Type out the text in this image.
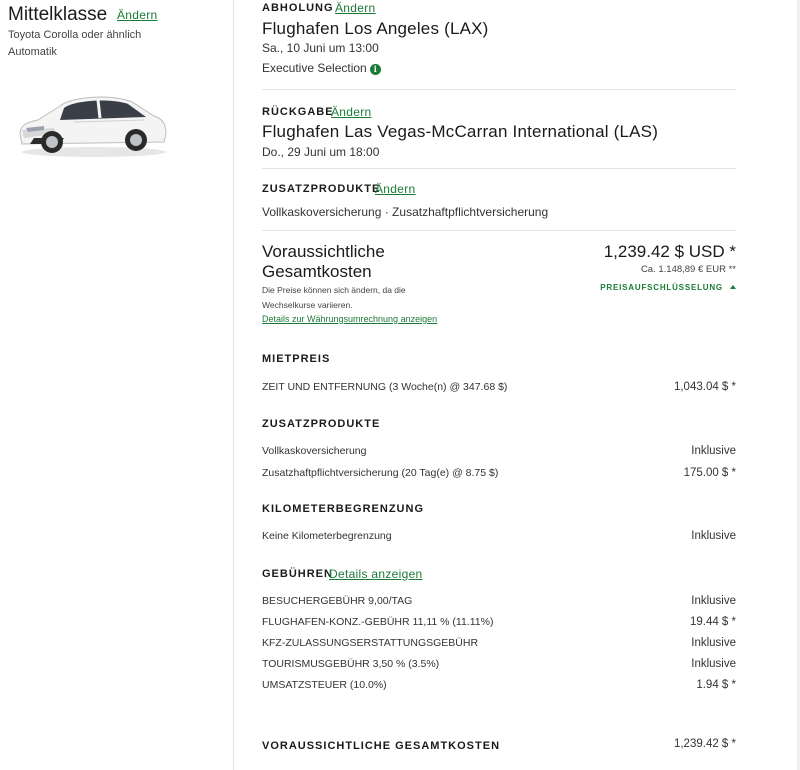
Mittelklasse Ändern
Toyota Corolla oder ähnlich
Automatik
ABHOLUNG Ändern
Flughafen Los Angeles (LAX)
Sa., 10 Juni um 13:00
Executive Selection i
RÜCKGABE
Ändern
Flughafen Las Vegas-McCarran International (LAS)
Do., 29 Juni um 18:00
ZUSATZPRODUKTE
Ändern
Vollkaskoversicherung · Zusatzhaftpflichtversicherung
Voraussichtliche Gesamtkosten
Die Preise können sich ändern, da die Wechselkurse variieren.
Details zur Währungsumrechnung anzeigen
1,239.42 $ USD *
Ca. 1.148,89 € EUR **
PREISAUFSCHLÜSSELUNG
MIETPREIS
ZEIT UND ENTFERNUNG (3 Woche(n) @ 347.68 $)	1,043.04 $ *
ZUSATZPRODUKTE
Vollkaskoversicherung	Inklusive
Zusatzhaftpflichtversicherung (20 Tag(e) @ 8.75 $)	175.00 $ *
KILOMETERBEGRENZUNG
Keine Kilometerbegrenzung	Inklusive
GEBÜHREN
Details anzeigen
BESUCHERGEBÜHR 9,00/TAG	Inklusive
FLUGHAFEN-KONZ.-GEBÜHR 11,11 % (11.11%)	19.44 $ *
KFZ-ZULASSUNGSERSTATTUNGSGEBÜHR	Inklusive
TOURISMUSGEBÜHR 3,50 % (3.5%)	Inklusive
UMSATZSTEUER (10.0%)	1.94 $ *
VORAUSSICHTLICHE GESAMTKOSTEN	1,239.42 $ *
